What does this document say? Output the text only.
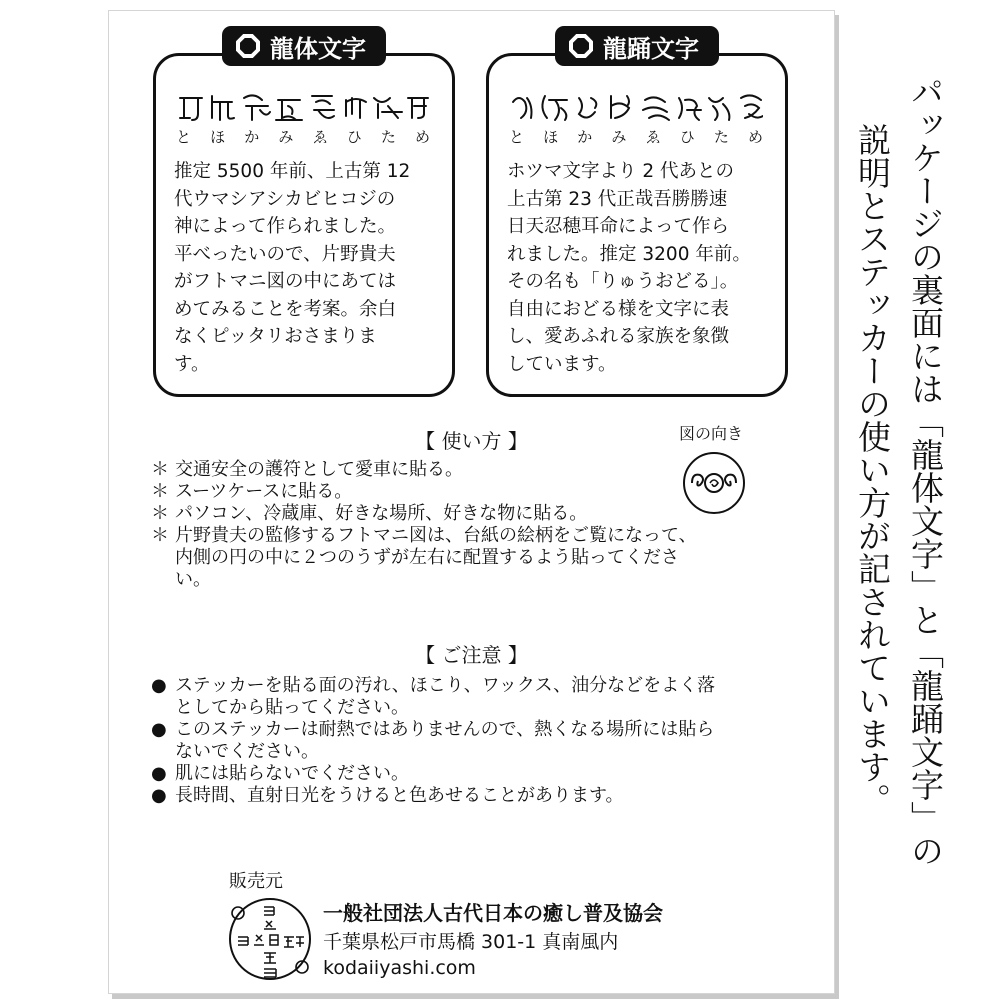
龍体文字
と ほ か み ゑ ひ た め
推定 5500 年前、上古第 12
代ウマシアシカビヒコジの
神によって作られました。
平べったいので、片野貴夫
がフトマニ図の中にあては
めてみることを考案。余白
なくピッタリおさまりま
す。
龍踊文字
と ほ か み ゑ ひ た め
ホツマ文字より 2 代あとの
上古第 23 代正哉吾勝勝速
日天忍穂耳命によって作ら
れました。推定 3200 年前。
その名も「りゅうおどる」。
自由におどる様を文字に表
し、愛あふれる家族を象徴
しています。
【 使い方 】	図の向き
＊ 交通安全の護符として愛車に貼る。
＊ スーツケースに貼る。
＊ パソコン、冷蔵庫、好きな場所、好きな物に貼る。
＊ 片野貴夫の監修するフトマニ図は、台紙の絵柄をご覧になって、
内側の円の中に２つのうずが左右に配置するよう貼ってくださ
い。
【 ご注意 】
● ステッカーを貼る面の汚れ、ほこり、ワックス、油分などをよく落
としてから貼ってください。
● このステッカーは耐熱ではありませんので、熱くなる場所には貼ら
ないでください。
● 肌には貼らないでください。
● 長時間、直射日光をうけると色あせることがあります。
販売元
一般社団法人古代日本の癒し普及協会
千葉県松戸市馬橋 301-1 真南風内
kodaiiyashi.com
パッケージの裏面には「龍体文字」と「龍踊文字」の
説明とステッカーの使い方が記されています。
